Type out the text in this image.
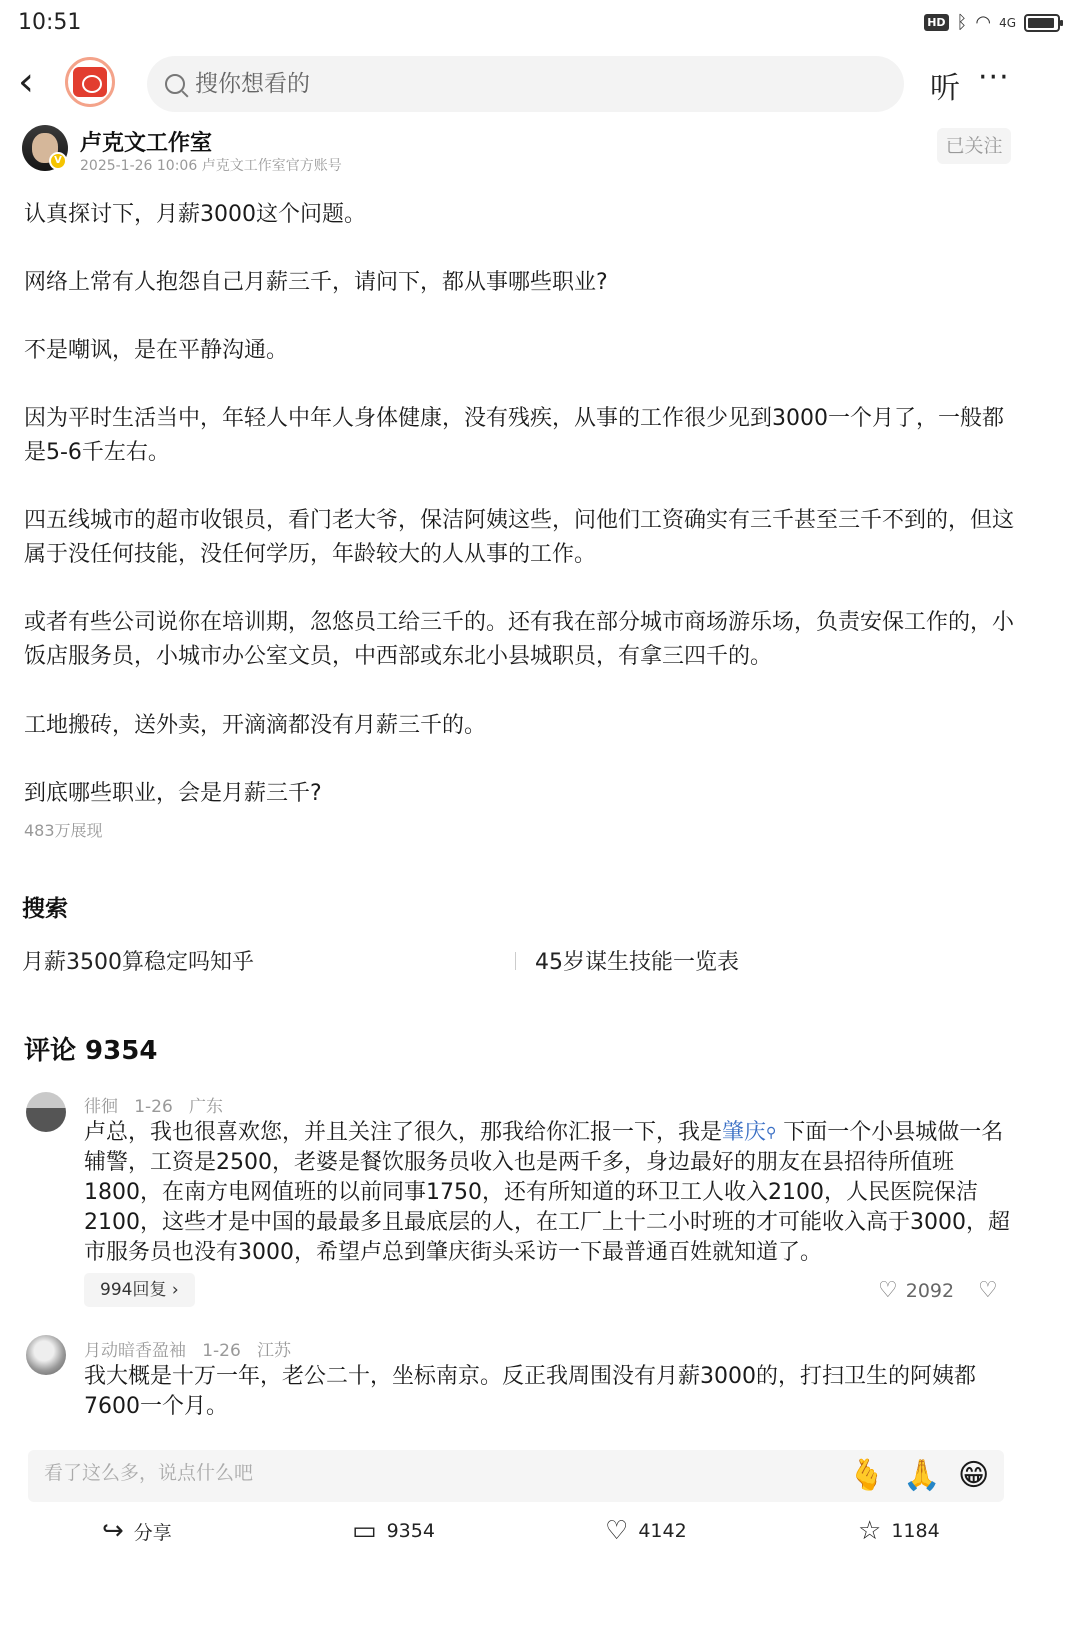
10:51	HD ᛒ ◠ 4G
‹
搜你想看的	听 ···
V
卢克文工作室
2025-1-26 10:06 卢克文工作室官方账号
已关注
认真探讨下，月薪3000这个问题。
网络上常有人抱怨自己月薪三千，请问下，都从事哪些职业?
不是嘲讽，是在平静沟通。
因为平时生活当中，年轻人中年人身体健康，没有残疾，从事的工作很少见到3000一个月了，一般都是5-6千左右。
四五线城市的超市收银员，看门老大爷，保洁阿姨这些，问他们工资确实有三千甚至三千不到的，但这属于没任何技能，没任何学历，年龄较大的人从事的工作。
或者有些公司说你在培训期，忽悠员工给三千的。还有我在部分城市商场游乐场，负责安保工作的，小饭店服务员，小城市办公室文员，中西部或东北小县城职员，有拿三四千的。
工地搬砖，送外卖，开滴滴都没有月薪三千的。
到底哪些职业，会是月薪三千?
483万展现
搜索
月薪3500算稳定吗知乎	45岁谋生技能一览表
评论 9354
徘徊 1-26 广东
卢总，我也很喜欢您，并且关注了很久，那我给你汇报一下，我是肇庆⚲ 下面一个小县城做一名辅警，工资是2500，老婆是餐饮服务员收入也是两千多，身边最好的朋友在县招待所值班1800，在南方电网值班的以前同事1750，还有所知道的环卫工人收入2100，人民医院保洁2100，这些才是中国的最最多且最底层的人，在工厂上十二小时班的才可能收入高于3000，超市服务员也没有3000，希望卢总到肇庆街头采访一下最普通百姓就知道了。
994回复 ›	♡ 2092 ♡
月动暗香盈袖 1-26 江苏
我大概是十万一年，老公二十，坐标南京。反正我周围没有月薪3000的，打扫卫生的阿姨都7600一个月。
看了这么多，说点什么吧
🫰 🙏 😁
↪ 分享	▭ 9354	♡ 4142	☆ 1184
